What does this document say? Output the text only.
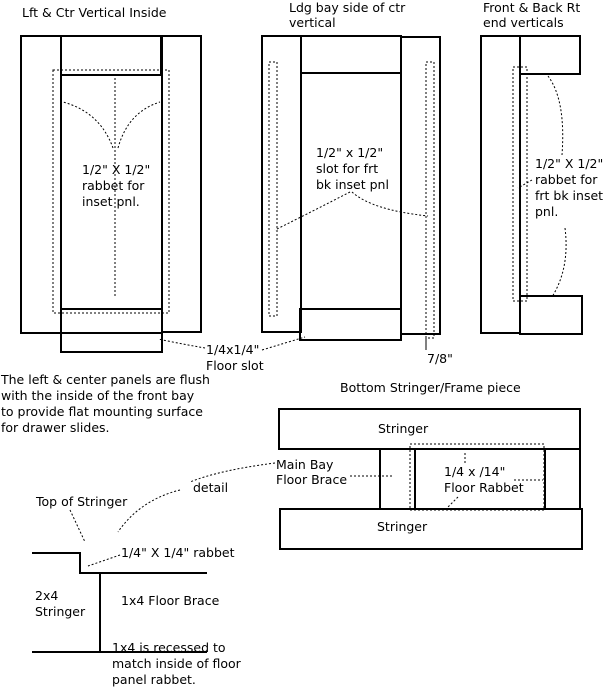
Lft & Ctr Vertical Inside
1/2" X 1/2"
rabbet for
inset pnl.
Ldg bay side of ctr
vertical
1/2" x 1/2"
slot for frt
bk inset pnl
Front & Back Rt
end verticals
1/2" X 1/2"
rabbet for
frt bk inset
pnl.
1/4x1/4"
Floor slot	7/8"
The left & center panels are flush
with the inside of the front bay
to provide flat mounting surface
for drawer slides.
Bottom Stringer/Frame piece
Stringer
Stringer
Main Bay
Floor Brace
1/4 x /14"
Floor Rabbet
detail
Top of Stringer
1/4" X 1/4" rabbet
2x4
Stringer
1x4 Floor Brace
1x4 is recessed to
match inside of floor
panel rabbet.
